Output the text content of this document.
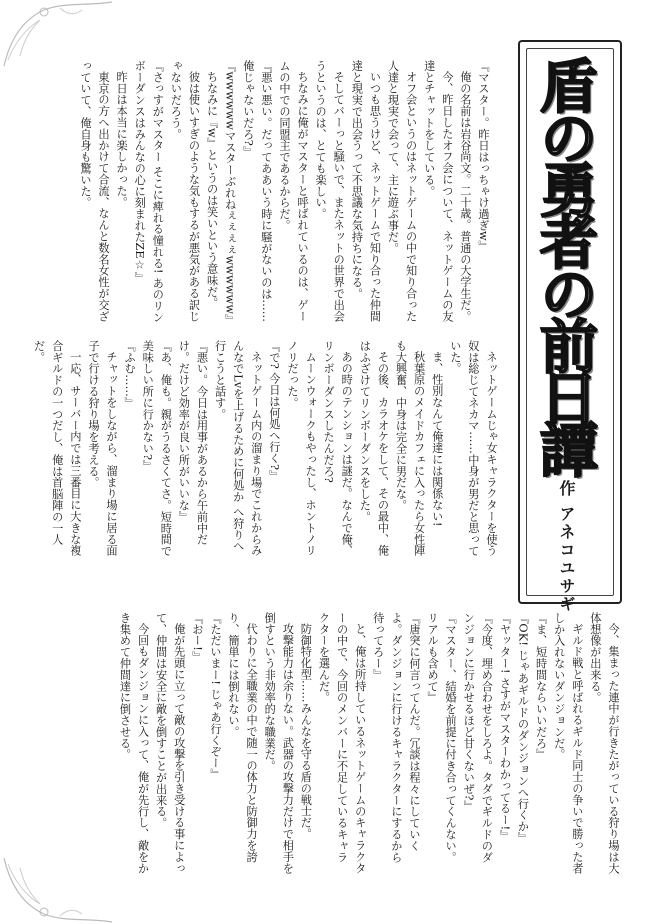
『マスター。昨日はっちゃけ過ぎw』

俺の名前は岩谷尚文。二十歳。普通の大学生だ。

今、昨日したオフ会について、ネットゲームの友達とチャットをしている。

オフ会というのはネットゲームの中で知り合った人達と現実で会って、主に遊ぶ事だ。

いつも思うけど、ネットゲームで知り合った仲間達と現実で出会うって不思議な気持ちになる。

そしてバーっと騒いで、またネットの世界で出会うというのは、とても楽しい。

ちなみに俺がマスターと呼ばれているのは、ゲームの中での同盟主であるからだ。

『悪い悪い。だってああいう時に騒がないのは……俺じゃないだろ?』

『wwwwwwマスターぶれねぇぇぇぇwwwwww』

ちなみに『w』というのは笑いという意味だ。

彼は使いすぎのような気もするが悪気がある訳じゃないだろう。

『さっすがマスター そこに痺れる憧れる! あのリンボーダンスはみんなの心に刻まれたZE☆』

昨日は本当に楽しかった。

東京の方へ出かけて合流、なんと数名女性が交ざっていて、俺自身も驚いた。

ネットゲームじゃ女キャラクターを使う奴は総じてネカマ……中身が男だと思っていた。

ま、性別なんて俺達には関係ない!

秋葉原のメイドカフェに入ったら女性陣も大興奮、中身は完全に男だな。

その後、カラオケをして、その最中、俺はふざけてリンボーダンスをした。

あの時のテンションは謎だ。なんで俺、リンボーダンスしたんだろ?

ムーンウォークもやったし、ホントノリノリだった。

『で? 今日は何処へ行く?』

ネットゲーム内の溜まり場でこれからみんなでLvを上げるために何処か へ狩りへ行こうと話す。

『悪い。今日は用事があるから午前中だけ。だけど効率が良い所がいいな』

『あ、俺も。親がうるさくてさ。短時間で美味しい所に行かない?』

『ふむ……』

チャットをしながら、溜まり場に居る面子で行ける狩り場を考える。

一応、サーバー内では三番目に大きな複合ギルドの一つだし、俺は首脳陣の一人だ。

今、集まった連中が行きたがっている狩り場は大体想像が出来る。

ギルド戦と呼ばれるギルド同士の争いで勝った者しか入れないダンジョンだ。

『ま、短時間ならいいだろ』

『OK! じゃあギルドのダンジョンへ行くか』

『ヤッター! さすがマスターわかってるー!』

『今度、埋め合わせをしろよ。タダでギルドのダンジョンに行かせるほど甘くないぜ?』

『マスター、結婚を前提に付き合ってくんない。リアルも含めて』

『唐突に何言ってんだ。冗談は程々にしていくよ。ダンジョンに行けるキャラクターにするから待ってろー』

と、俺は所持しているネットゲームのキャラクターの中で、今回のメンバーに不足しているキャラクターを選んだ。

防御特化型……みんなを守る盾の戦士だ。

攻撃能力は余りない。武器の攻撃力だけで相手を倒すという非効率的な職業だ。

代わりに全職業の中で随一の体力と防御力を誇り、簡単には倒れない。

『ただいまー! じゃあ行くぞー』

『おー!』

俺が先頭に立って敵の攻撃を引き受ける事によって、仲間は安全に敵を倒すことが出来る。

今回もダンジョンに入って、俺が先行し、敵をかき集めて仲間達に倒させる。

盾の勇者の前日譚
作 アネコユサギ
